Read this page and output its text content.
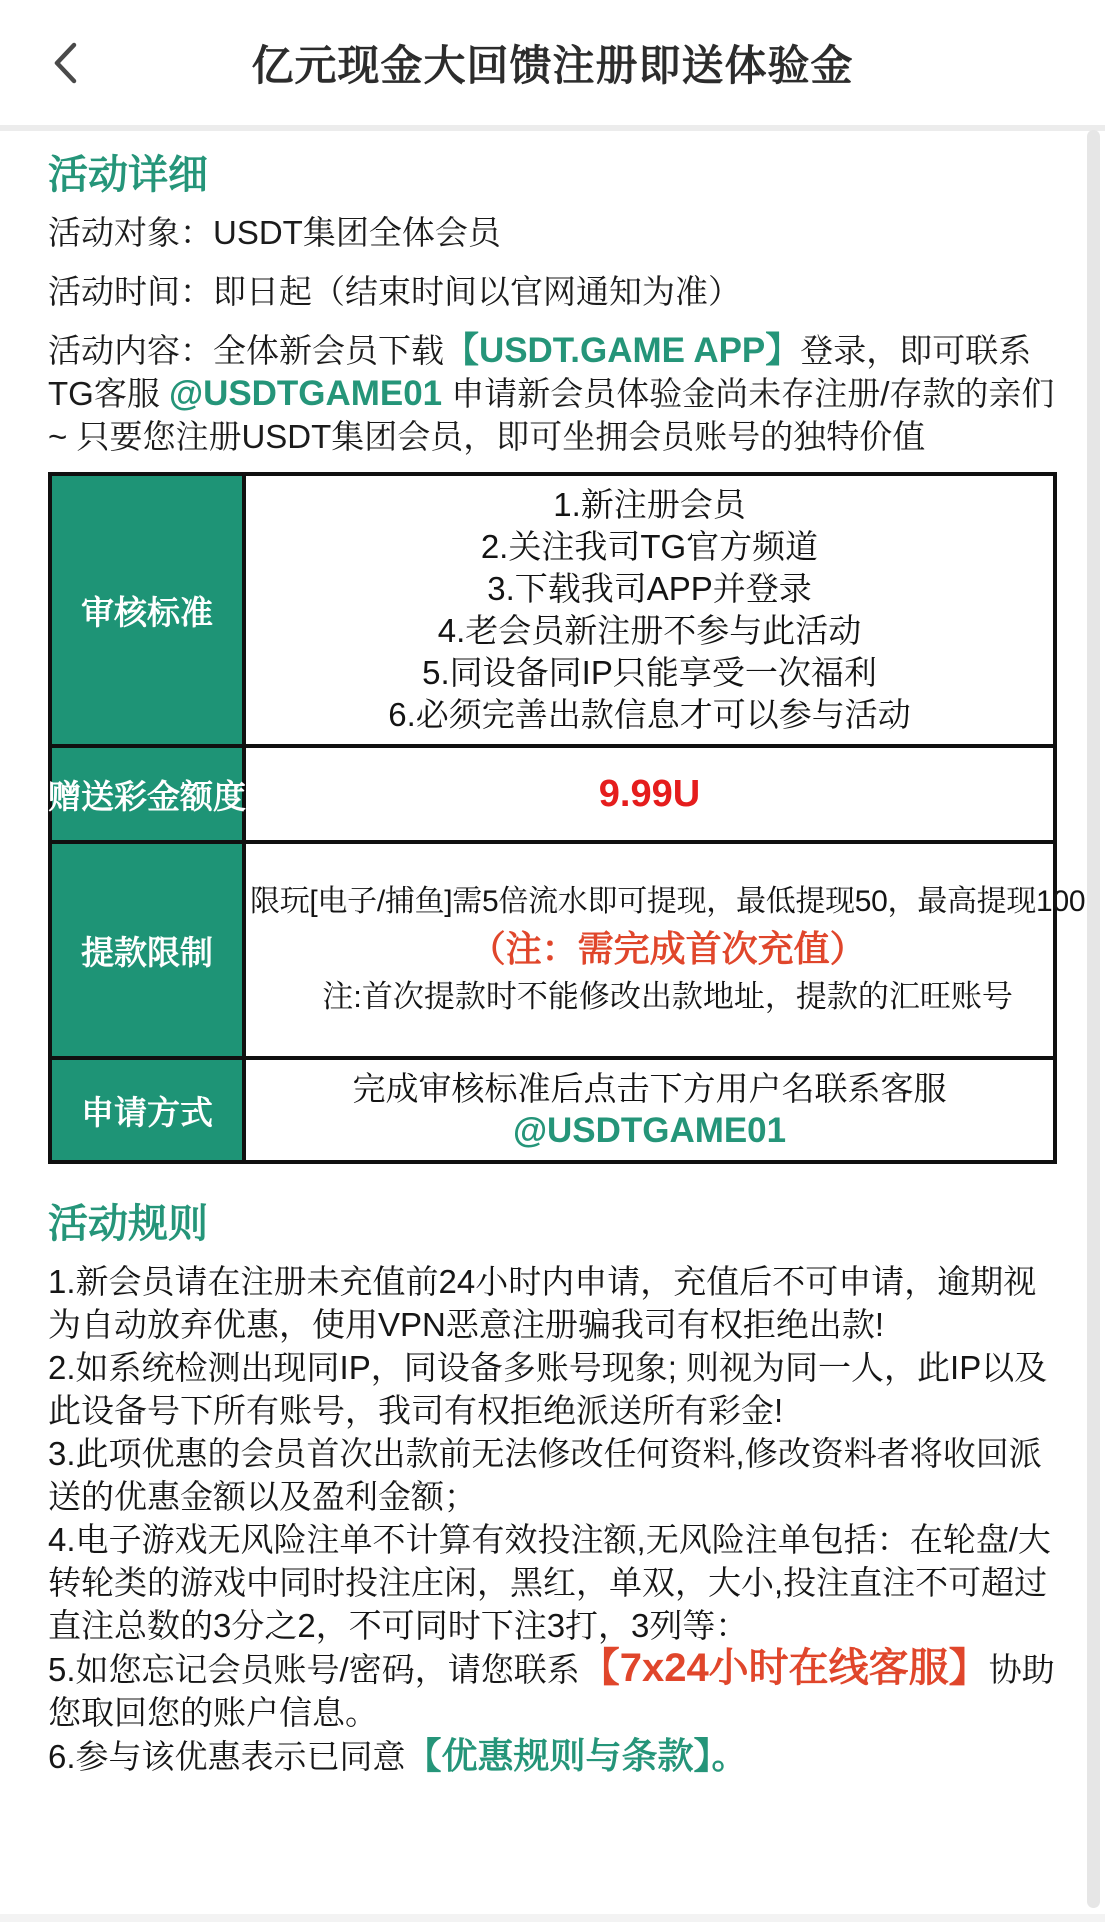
亿元现金大回馈注册即送体验金
活动详细

活动对象：USDT集团全体会员

活动时间：即日起（结束时间以官网通知为准）

活动内容：全体新会员下载【USDT.GAME APP】登录，即可联系TG客服 @USDTGAME01 申请新会员体验金尚未存注册/存款的亲们~ 只要您注册USDT集团会员，即可坐拥会员账号的独特价值

审核标准
1.新注册会员
2.关注我司TG官方频道
3.下载我司APP并登录
4.老会员新注册不参与此活动
5.同设备同IP只能享受一次福利
6.必须完善出款信息才可以参与活动
赠送彩金额度	9.99U
提款限制
限玩[电子/捕鱼]需5倍流水即可提现，最低提现50，最高提现100
（注：需完成首次充值）
注:首次提款时不能修改出款地址，提款的汇旺账号
申请方式
完成审核标准后点击下方用户名联系客服 @USDTGAME01
活动规则
1.新会员请在注册未充值前24小时内申请，充值后不可申请，逾期视为自动放弃优惠，使用VPN恶意注册骗我司有权拒绝出款!
2.如系统检测出现同IP，同设备多账号现象; 则视为同一人，此IP以及此设备号下所有账号，我司有权拒绝派送所有彩金!
3.此项优惠的会员首次出款前无法修改任何资料,修改资料者将收回派送的优惠金额以及盈利金额；
4.电子游戏无风险注单不计算有效投注额,无风险注单包括：在轮盘/大转轮类的游戏中同时投注庄闲，黑红，单双，大小,投注直注不可超过直注总数的3分之2，不可同时下注3打，3列等：
5.如您忘记会员账号/密码，请您联系【7x24小时在线客服】协助您取回您的账户信息。
6.参与该优惠表示已同意【优惠规则与条款】。
